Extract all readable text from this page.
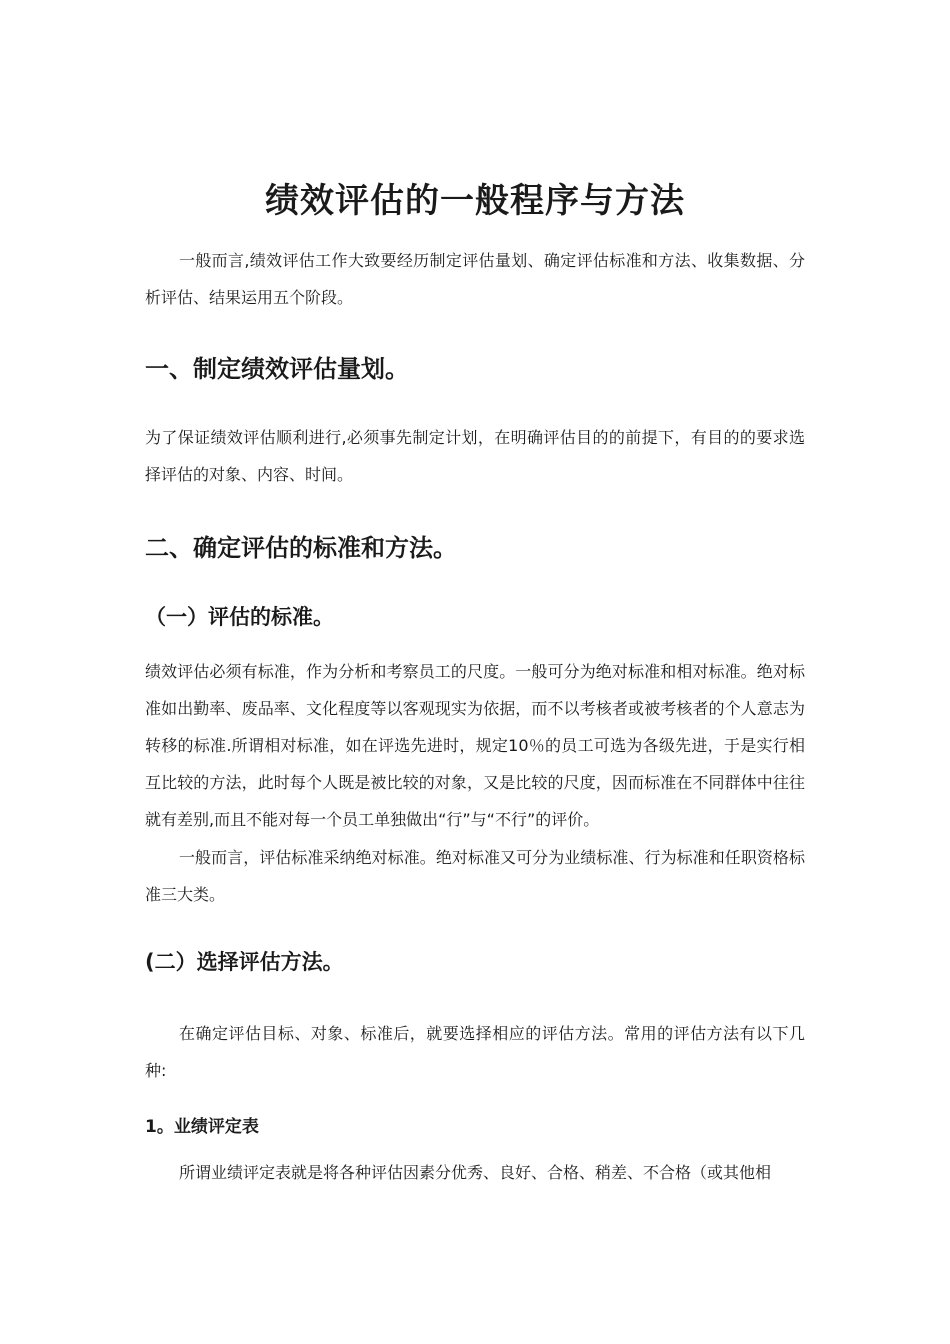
绩效评估的一般程序与方法

一般而言,绩效评估工作大致要经历制定评估量划、确定评估标准和方法、收集数据、分析评估、结果运用五个阶段。

一、制定绩效评估量划。

为了保证绩效评估顺利进行,必须事先制定计划，在明确评估目的的前提下，有目的的要求选择评估的对象、内容、时间。

二、确定评估的标准和方法。
（一）评估的标准。

绩效评估必须有标准，作为分析和考察员工的尺度。一般可分为绝对标准和相对标准。绝对标准如出勤率、废品率、文化程度等以客观现实为依据，而不以考核者或被考核者的个人意志为转移的标准.所谓相对标准，如在评选先进时，规定10％的员工可选为各级先进，于是实行相互比较的方法，此时每个人既是被比较的对象，又是比较的尺度，因而标准在不同群体中往往就有差别,而且不能对每一个员工单独做出“行”与“不行”的评价。

一般而言，评估标准采纳绝对标准。绝对标准又可分为业绩标准、行为标准和任职资格标准三大类。

(二）选择评估方法。

在确定评估目标、对象、标准后，就要选择相应的评估方法。常用的评估方法有以下几种:

1。业绩评定表

所谓业绩评定表就是将各种评估因素分优秀、良好、合格、稍差、不合格（或其他相
